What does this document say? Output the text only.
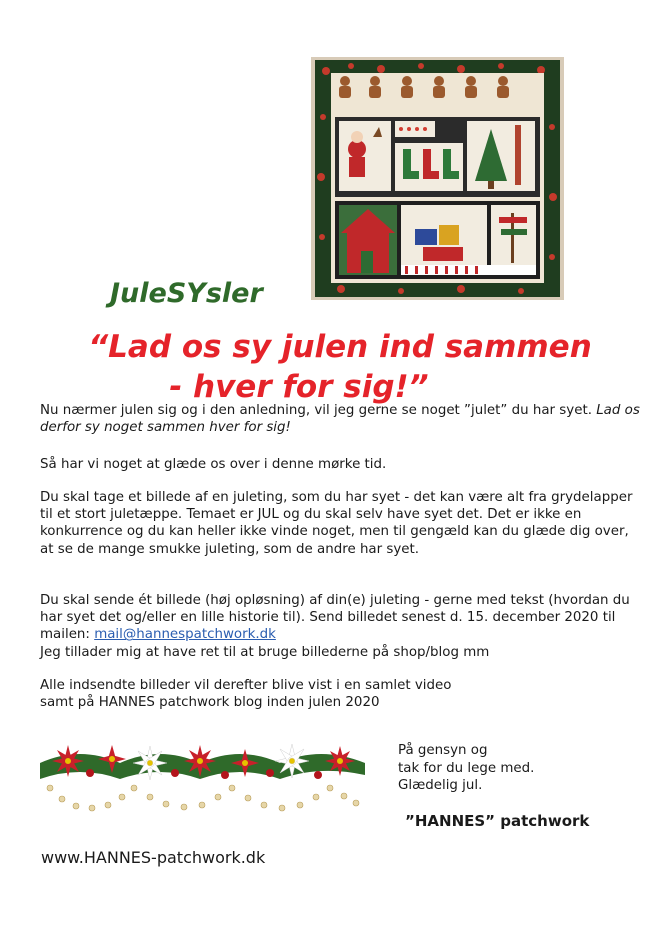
JuleSYsler
“Lad os sy julen ind sammen
- hver for sig!”
Nu nærmer julen sig og i den anledning, vil jeg gerne se noget ”julet” du har syet. Lad os derfor sy noget sammen hver for sig!
Så har vi noget at glæde os over i denne mørke tid.
Du skal tage et billede af en juleting, som du har syet - det kan være alt fra grydelapper til et stort juletæppe. Temaet er JUL og du skal selv have syet det. Det er ikke en konkurrence og du kan heller ikke vinde noget, men til gengæld kan du glæde dig over, at se de mange smukke juleting, som de andre har syet.
Du skal sende ét billede (høj opløsning) af din(e) juleting - gerne med tekst (hvordan du har syet det og/eller en lille historie til). Send billedet senest d. 15. december 2020 til mailen: mail@hannespatchwork.dk
Jeg tillader mig at have ret til at bruge billederne på shop/blog mm
Alle indsendte billeder vil derefter blive vist i en samlet video
samt på HANNES patchwork blog inden julen 2020
På gensyn og
tak for du lege med.
Glædelig jul.
”HANNES” patchwork
www.HANNES-patchwork.dk
